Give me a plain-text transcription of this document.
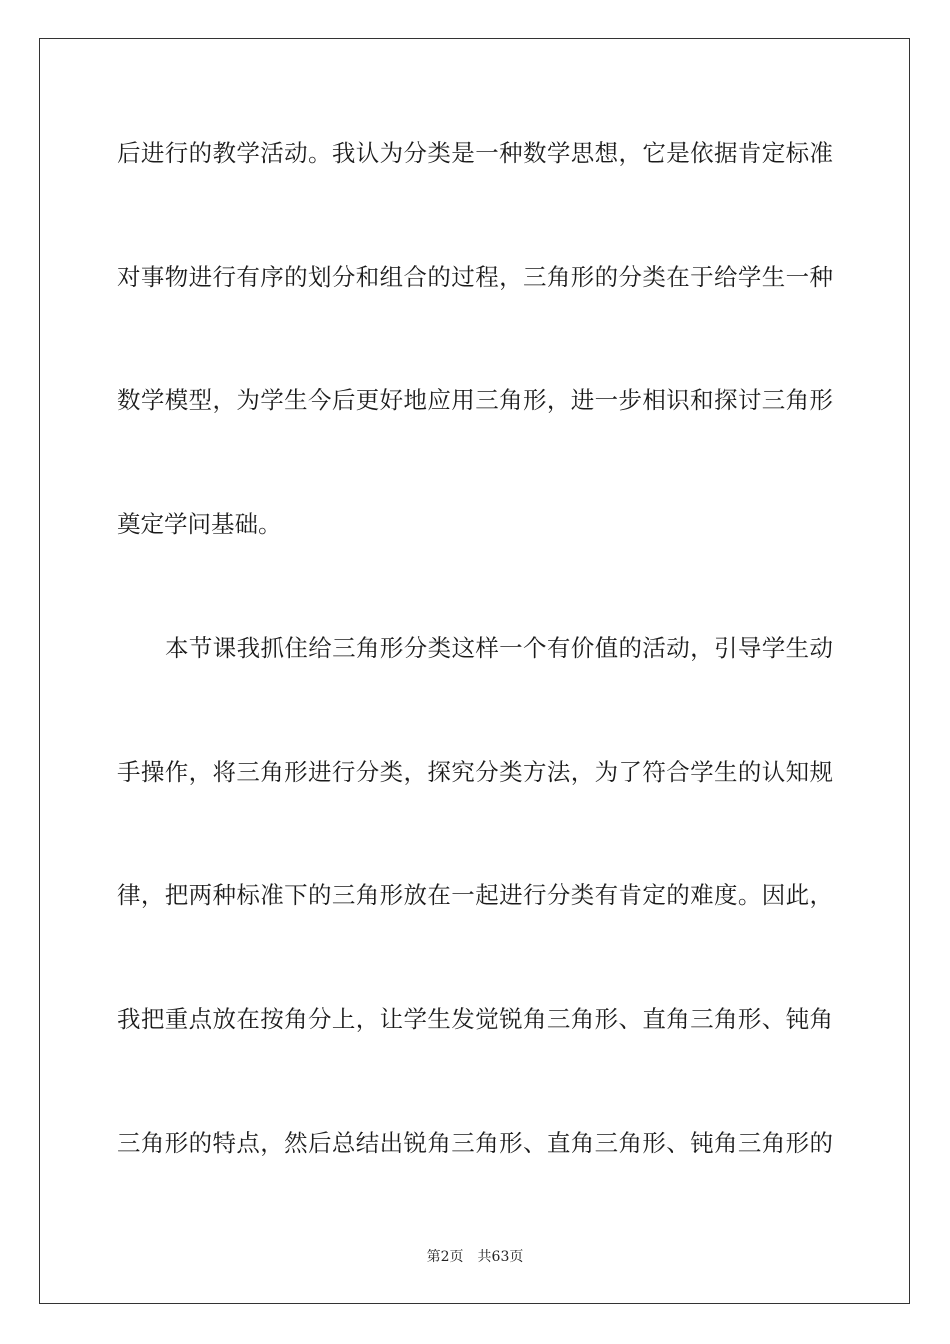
后进行的教学活动。我认为分类是一种数学思想，它是依据肯定标准
对事物进行有序的划分和组合的过程，三角形的分类在于给学生一种
数学模型，为学生今后更好地应用三角形，进一步相识和探讨三角形
奠定学问基础。
本节课我抓住给三角形分类这样一个有价值的活动，引导学生动
手操作，将三角形进行分类，探究分类方法，为了符合学生的认知规
律，把两种标准下的三角形放在一起进行分类有肯定的难度。因此，
我把重点放在按角分上，让学生发觉锐角三角形、直角三角形、钝角
三角形的特点，然后总结出锐角三角形、直角三角形、钝角三角形的
第2页 共63页
